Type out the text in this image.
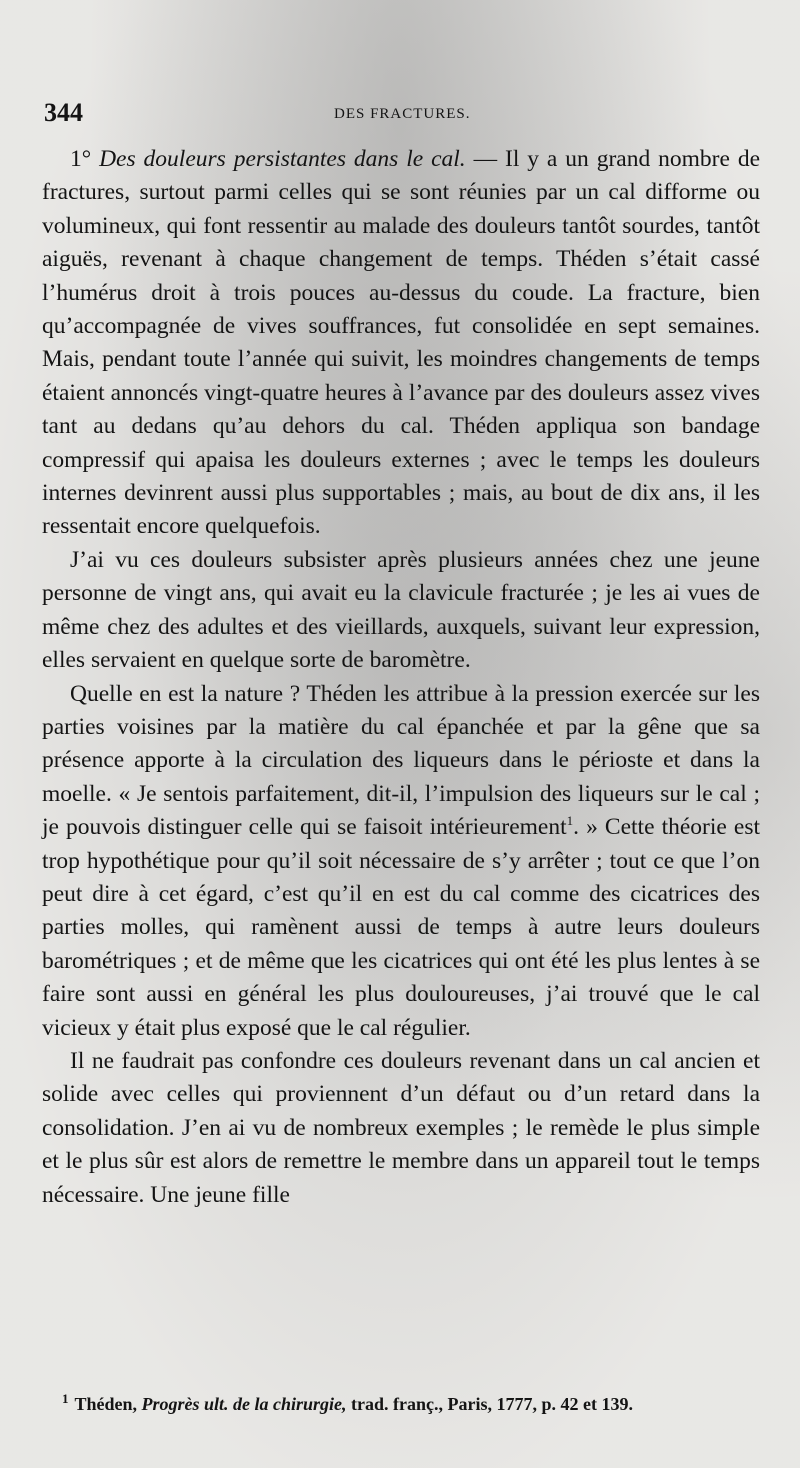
344	DES FRACTURES.

1° Des douleurs persistantes dans le cal. — Il y a un grand nombre de fractures, surtout parmi celles qui se sont réunies par un cal difforme ou volumineux, qui font ressentir au malade des douleurs tantôt sourdes, tantôt aiguës, revenant à chaque changement de temps. Théden s’était cassé l’humérus droit à trois pouces au-dessus du coude. La fracture, bien qu’accompagnée de vives souffrances, fut consolidée en sept semaines. Mais, pendant toute l’année qui suivit, les moindres changements de temps étaient annoncés vingt-quatre heures à l’avance par des douleurs assez vives tant au dedans qu’au dehors du cal. Théden appliqua son bandage compressif qui apaisa les douleurs externes ; avec le temps les douleurs internes devinrent aussi plus supportables ; mais, au bout de dix ans, il les ressentait encore quelquefois.

J’ai vu ces douleurs subsister après plusieurs années chez une jeune personne de vingt ans, qui avait eu la clavicule fracturée ; je les ai vues de même chez des adultes et des vieillards, auxquels, suivant leur expression, elles servaient en quelque sorte de baromètre.

Quelle en est la nature ? Théden les attribue à la pression exercée sur les parties voisines par la matière du cal épanchée et par la gêne que sa présence apporte à la circulation des liqueurs dans le périoste et dans la moelle. « Je sentois parfaitement, dit-il, l’impulsion des liqueurs sur le cal ; je pouvois distinguer celle qui se faisoit intérieurement$^1$. » Cette théorie est trop hypothétique pour qu’il soit nécessaire de s’y arrêter ; tout ce que l’on peut dire à cet égard, c’est qu’il en est du cal comme des cicatrices des parties molles, qui ramènent aussi de temps à autre leurs douleurs barométriques ; et de même que les cicatrices qui ont été les plus lentes à se faire sont aussi en général les plus douloureuses, j’ai trouvé que le cal vicieux y était plus exposé que le cal régulier.

Il ne faudrait pas confondre ces douleurs revenant dans un cal ancien et solide avec celles qui proviennent d’un défaut ou d’un retard dans la consolidation. J’en ai vu de nombreux exemples ; le remède le plus simple et le plus sûr est alors de remettre le membre dans un appareil tout le temps nécessaire. Une jeune fille

$^1$ Théden, Progrès ult. de la chirurgie, trad. franç., Paris, 1777, p. 42 et 139.
